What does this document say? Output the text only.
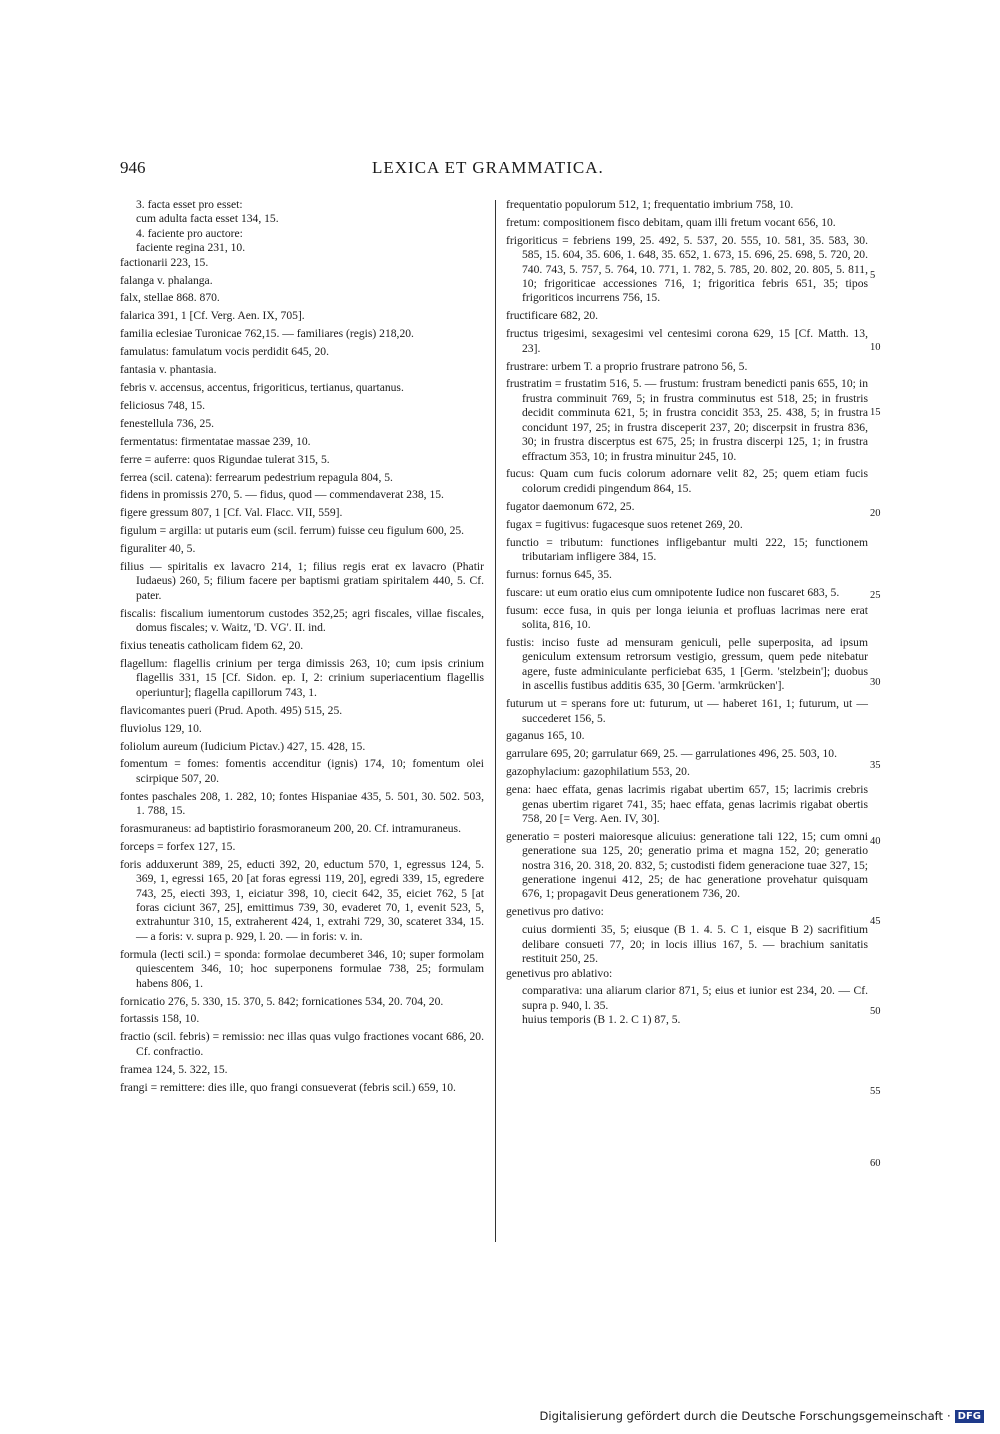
946	LEXICA ET GRAMMATICA.
3. facta esset pro esset:
cum adulta facta esset 134, 15.
4. faciente pro auctore:
faciente regina 231, 10.
factionarii 223, 15.
falanga v. phalanga.
falx, stellae 868. 870.
falarica 391, 1 [Cf. Verg. Aen. IX, 705].
familia eclesiae Turonicae 762,15. — familiares (regis) 218,20.
famulatus: famulatum vocis perdidit 645, 20.
fantasia v. phantasia.
febris v. accensus, accentus, frigoriticus, tertianus, quartanus.
feliciosus 748, 15.
fenestellula 736, 25.
fermentatus: firmentatae massae 239, 10.
ferre = auferre: quos Rigundae tulerat 315, 5.
ferrea (scil. catena): ferrearum pedestrium repagula 804, 5.
fidens in promissis 270, 5. — fidus, quod — commendaverat 238, 15.
figere gressum 807, 1 [Cf. Val. Flacc. VII, 559].
figulum = argilla: ut putaris eum (scil. ferrum) fuisse ceu figulum 600, 25.
figuraliter 40, 5.
filius — spiritalis ex lavacro 214, 1; filius regis erat ex lavacro (Phatir Iudaeus) 260, 5; filium facere per baptismi gratiam spiritalem 440, 5. Cf. pater.
fiscalis: fiscalium iumentorum custodes 352,25; agri fiscales, villae fiscales, domus fiscales; v. Waitz, 'D. VG'. II. ind.
fixius teneatis catholicam fidem 62, 20.
flagellum: flagellis crinium per terga dimissis 263, 10; cum ipsis crinium flagellis 331, 15 [Cf. Sidon. ep. I, 2: crinium superiacentium flagellis operiuntur]; flagella capillorum 743, 1.
flavicomantes pueri (Prud. Apoth. 495) 515, 25.
fluviolus 129, 10.
foliolum aureum (Iudicium Pictav.) 427, 15. 428, 15.
fomentum = fomes: fomentis accenditur (ignis) 174, 10; fomentum olei scirpique 507, 20.
fontes paschales 208, 1. 282, 10; fontes Hispaniae 435, 5. 501, 30. 502. 503, 1. 788, 15.
forasmuraneus: ad baptistirio forasmoraneum 200, 20. Cf. intramuraneus.
forceps = forfex 127, 15.
foris adduxerunt 389, 25, educti 392, 20, eductum 570, 1, egressus 124, 5. 369, 1, egressi 165, 20 [at foras egressi 119, 20], egredi 339, 15, egredere 743, 25, eiecti 393, 1, eiciatur 398, 10, ciecit 642, 35, eiciet 762, 5 [at foras ciciunt 367, 25], emittimus 739, 30, evaderet 70, 1, evenit 523, 5, extrahuntur 310, 15, extraherent 424, 1, extrahi 729, 30, scateret 334, 15. — a foris: v. supra p. 929, l. 20. — in foris: v. in.
formula (lecti scil.) = sponda: formolae decumberet 346, 10; super formolam quiescentem 346, 10; hoc superponens formulae 738, 25; formulam habens 806, 1.
fornicatio 276, 5. 330, 15. 370, 5. 842; fornicationes 534, 20. 704, 20.
fortassis 158, 10.
fractio (scil. febris) = remissio: nec illas quas vulgo fractiones vocant 686, 20. Cf. confractio.
framea 124, 5. 322, 15.
frangi = remittere: dies ille, quo frangi consueverat (febris scil.) 659, 10.
frequentatio populorum 512, 1; frequentatio imbrium 758, 10.
fretum: compositionem fisco debitam, quam illi fretum vocant 656, 10.
frigoriticus = febriens 199, 25. 492, 5. 537, 20. 555, 10. 581, 35. 583, 30. 585, 15. 604, 35. 606, 1. 648, 35. 652, 1. 673, 15. 696, 25. 698, 5. 720, 20. 740. 743, 5. 757, 5. 764, 10. 771, 1. 782, 5. 785, 20. 802, 20. 805, 5. 811, 10; frigoriticae accessiones 716, 1; frigoritica febris 651, 35; tipos frigoriticos incurrens 756, 15.
fructificare 682, 20.
fructus trigesimi, sexagesimi vel centesimi corona 629, 15 [Cf. Matth. 13, 23].
frustrare: urbem T. a proprio frustrare patrono 56, 5.
frustratim = frustatim 516, 5. — frustum: frustram benedicti panis 655, 10; in frustra comminuit 769, 5; in frustra comminutus est 518, 25; in frustris decidit comminuta 621, 5; in frustra concidit 353, 25. 438, 5; in frustra concidunt 197, 25; in frustra disceperit 237, 20; discerpsit in frustra 836, 30; in frustra discerptus est 675, 25; in frustra discerpi 125, 1; in frustra effractum 353, 10; in frustra minuitur 245, 10.
fucus: Quam cum fucis colorum adornare velit 82, 25; quem etiam fucis colorum credidi pingendum 864, 15.
fugator daemonum 672, 25.
fugax = fugitivus: fugacesque suos retenet 269, 20.
functio = tributum: functiones infligebantur multi 222, 15; functionem tributariam infligere 384, 15.
furnus: fornus 645, 35.
fuscare: ut eum oratio eius cum omnipotente Iudice non fuscaret 683, 5.
fusum: ecce fusa, in quis per longa ieiunia et profluas lacrimas nere erat solita, 816, 10.
fustis: inciso fuste ad mensuram geniculi, pelle superposita, ad ipsum geniculum extensum retrorsum vestigio, gressum, quem pede nitebatur agere, fuste adminiculante perficiebat 635, 1 [Germ. 'stelzbein']; duobus in ascellis fustibus additis 635, 30 [Germ. 'armkrücken'].
futurum ut = sperans fore ut: futurum, ut — haberet 161, 1; futurum, ut — succederet 156, 5.
gaganus 165, 10.
garrulare 695, 20; garrulatur 669, 25. — garrulationes 496, 25. 503, 10.
gazophylacium: gazophilatium 553, 20.
gena: haec effata, genas lacrimis rigabat ubertim 657, 15; lacrimis crebris genas ubertim rigaret 741, 35; haec effata, genas lacrimis rigabat obertis 758, 20 [= Verg. Aen. IV, 30].
generatio = posteri maioresque alicuius: generatione tali 122, 15; cum omni generatione sua 125, 20; generatio prima et magna 152, 20; generatio nostra 316, 20. 318, 20. 832, 5; custodisti fidem generacione tuae 327, 15; generatione ingenui 412, 25; de hac generatione provehatur quisquam 676, 1; propagavit Deus generationem 736, 20.
genetivus pro dativo:
cuius dormienti 35, 5; eiusque (B 1. 4. 5. C 1, eisque B 2) sacrifitium delibare consueti 77, 20; in locis illius 167, 5. — brachium sanitatis restituit 250, 25.
genetivus pro ablativo:
comparativa: una aliarum clarior 871, 5; eius et iunior est 234, 20. — Cf. supra p. 940, l. 35.
huius temporis (B 1. 2. C 1) 87, 5.
5
10
15
20
25
30
35
40
45
50
55
60
Digitalisierung gefördert durch die Deutsche Forschungsgemeinschaft · DFG
